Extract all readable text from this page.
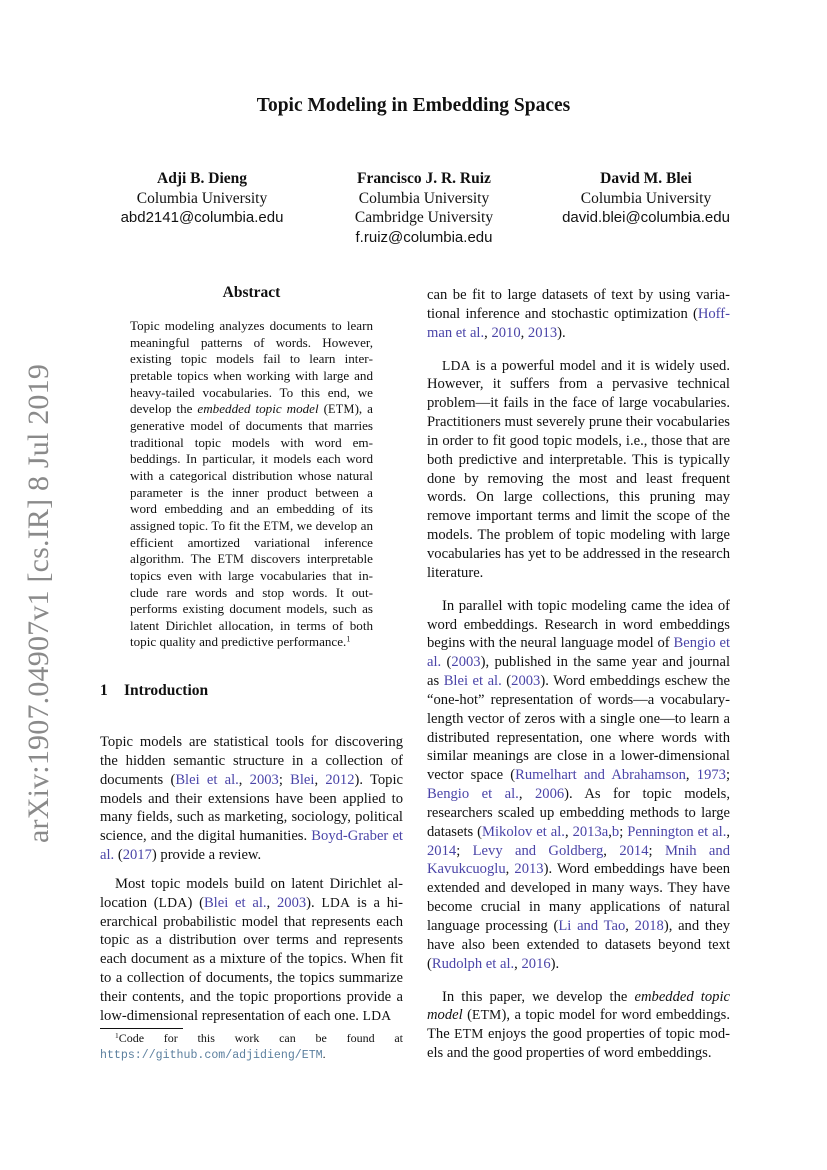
Topic Modeling in Embedding Spaces
arXiv:1907.04907v1 [cs.IR] 8 Jul 2019
Adji B. Dieng
Columbia University
abd2141@columbia.edu
Francisco J. R. Ruiz
Columbia University
Cambridge University
f.ruiz@columbia.edu
David M. Blei
Columbia University
david.blei@columbia.edu
Abstract
Topic modeling analyzes documents to learn meaningful patterns of words. However, existing topic models fail to learn interpretable topics when working with large and heavy-tailed vocabularies. To this end, we develop the embedded topic model (ETM), a generative model of documents that marries traditional topic models with word embeddings. In particular, it models each word with a categorical distribution whose natural parameter is the inner product between a word embedding and an embedding of its assigned topic. To fit the ETM, we develop an efficient amortized variational inference algorithm. The ETM discovers interpretable topics even with large vocabularies that include rare words and stop words. It outperforms existing document models, such as latent Dirichlet allocation, in terms of both topic quality and predictive performance.$^1$
1 Introduction

Topic models are statistical tools for discovering the hidden semantic structure in a collection of documents (Blei et al., 2003; Blei, 2012). Topic models and their extensions have been applied to many fields, such as marketing, sociology, political science, and the digital humanities. Boyd-Graber et al. (2017) provide a review.

Most topic models build on latent Dirichlet allocation (LDA) (Blei et al., 2003). LDA is a hierarchical probabilistic model that represents each topic as a distribution over terms and represents each document as a mixture of the topics. When fit to a collection of documents, the topics summarize their contents, and the topic proportions provide a low-dimensional representation of each one. LDA

$^1$Code for this work can be found at https://github.com/adjidieng/ETM.

can be fit to large datasets of text by using variational inference and stochastic optimization (Hoffman et al., 2010, 2013).

LDA is a powerful model and it is widely used. However, it suffers from a pervasive technical problem—it fails in the face of large vocabularies. Practitioners must severely prune their vocabularies in order to fit good topic models, i.e., those that are both predictive and interpretable. This is typically done by removing the most and least frequent words. On large collections, this pruning may remove important terms and limit the scope of the models. The problem of topic modeling with large vocabularies has yet to be addressed in the research literature.

In parallel with topic modeling came the idea of word embeddings. Research in word embeddings begins with the neural language model of Bengio et al. (2003), published in the same year and journal as Blei et al. (2003). Word embeddings eschew the “one-hot” representation of words—a vocabulary-length vector of zeros with a single one—to learn a distributed representation, one where words with similar meanings are close in a lower-dimensional vector space (Rumelhart and Abrahamson, 1973; Bengio et al., 2006). As for topic models, researchers scaled up embedding methods to large datasets (Mikolov et al., 2013a,b; Pennington et al., 2014; Levy and Goldberg, 2014; Mnih and Kavukcuoglu, 2013). Word embeddings have been extended and developed in many ways. They have become crucial in many applications of natural language processing (Li and Tao, 2018), and they have also been extended to datasets beyond text (Rudolph et al., 2016).

In this paper, we develop the embedded topic model (ETM), a topic model for word embeddings. The ETM enjoys the good properties of topic models and the good properties of word embeddings.
